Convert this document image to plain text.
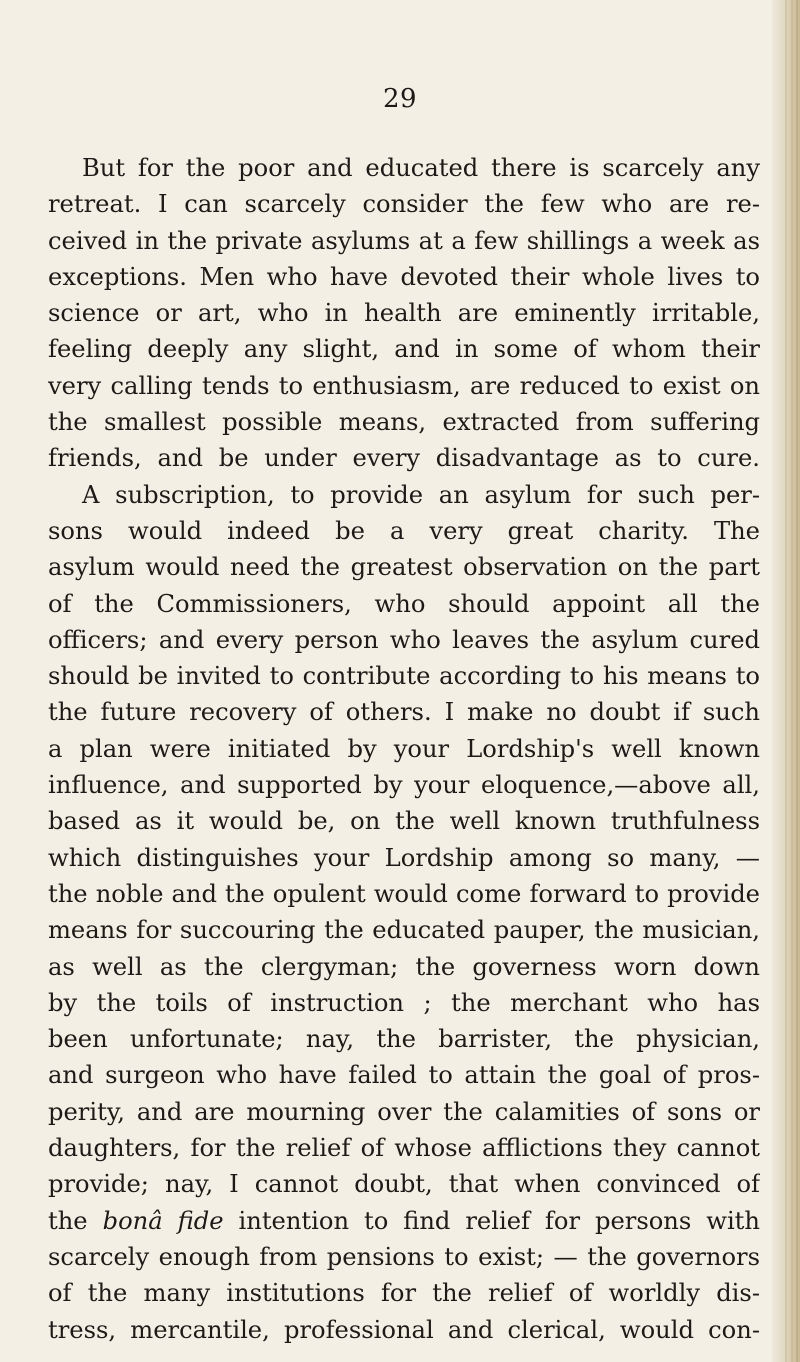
29
But for the poor and educated there is scarcely any
retreat. I can scarcely consider the few who are re-
ceived in the private asylums at a few shillings a week as
exceptions. Men who have devoted their whole lives to
science or art, who in health are eminently irritable,
feeling deeply any slight, and in some of whom their
very calling tends to enthusiasm, are reduced to exist on
the smallest possible means, extracted from suffering
friends, and be under every disadvantage as to cure.
A subscription, to provide an asylum for such per-
sons would indeed be a very great charity. The
asylum would need the greatest observation on the part
of the Commissioners, who should appoint all the
officers; and every person who leaves the asylum cured
should be invited to contribute according to his means to
the future recovery of others. I make no doubt if such
a plan were initiated by your Lordship's well known
influence, and supported by your eloquence,—above all,
based as it would be, on the well known truthfulness
which distinguishes your Lordship among so many, —
the noble and the opulent would come forward to provide
means for succouring the educated pauper, the musician,
as well as the clergyman; the governess worn down
by the toils of instruction ; the merchant who has
been unfortunate; nay, the barrister, the physician,
and surgeon who have failed to attain the goal of pros-
perity, and are mourning over the calamities of sons or
daughters, for the relief of whose afflictions they cannot
provide; nay, I cannot doubt, that when convinced of
the bonâ fide intention to find relief for persons with
scarcely enough from pensions to exist; — the governors
of the many institutions for the relief of worldly dis-
tress, mercantile, professional and clerical, would con-
